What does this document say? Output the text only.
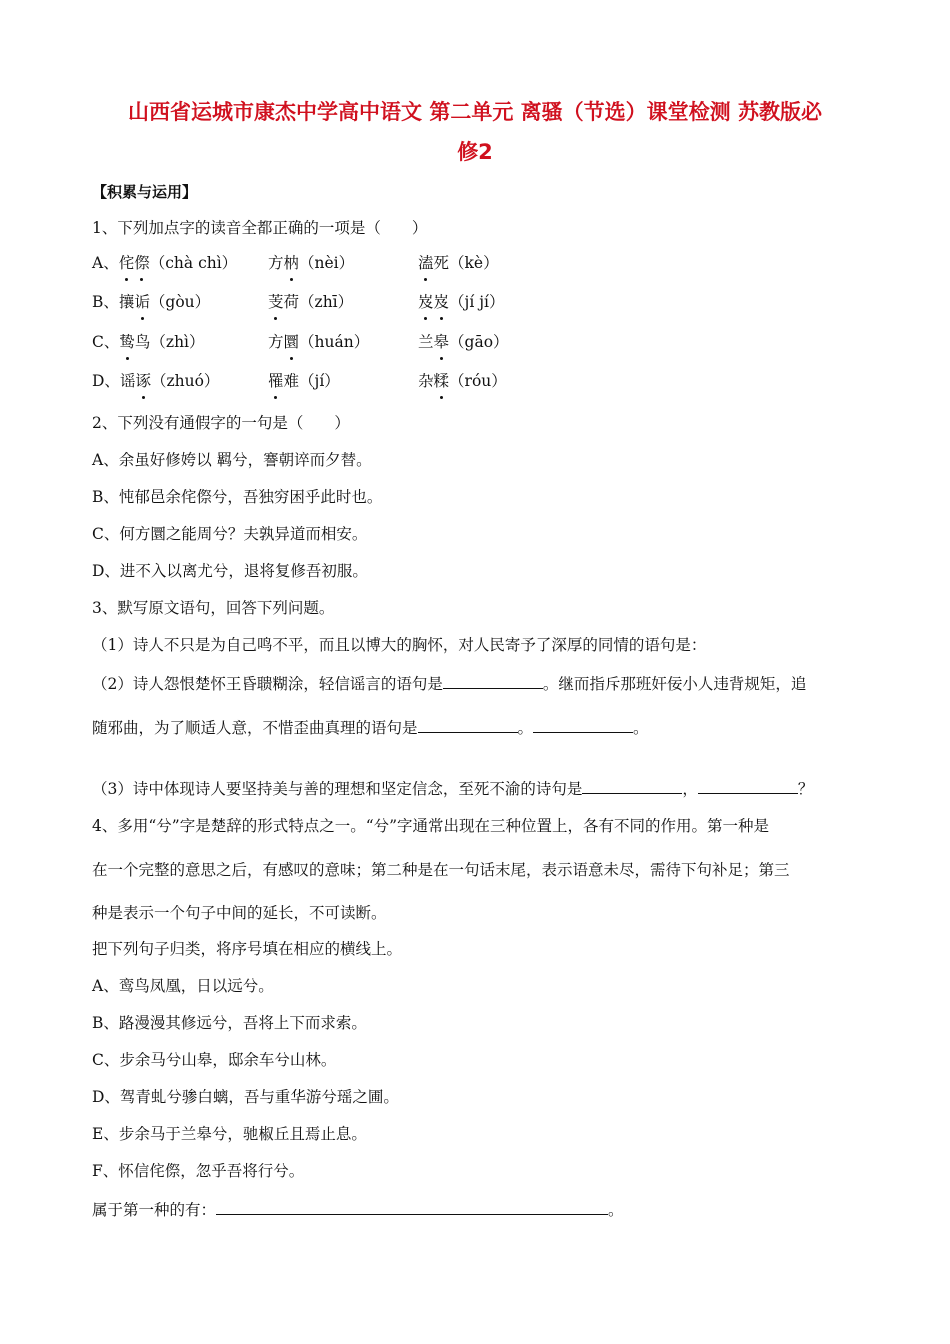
山西省运城市康杰中学高中语文 第二单元 离骚（节选）课堂检测 苏教版必
修2
【积累与运用】
1、下列加点字的读音全都正确的一项是（　　）
A、侘傺（chà chì） 方枘（nèi）	溘死（kè）
B、攘诟（gòu）	芰荷（zhī）	岌岌（jí jí）
C、鸷鸟（zhì）	方圜（huán）	兰皋（gāo）
D、谣诼（zhuó）	罹难（jí）	杂糅（róu）
2、下列没有通假字的一句是（　　）
A、余虽好修姱以 羁兮，謇朝谇而夕替。
B、忳郁邑余侘傺兮，吾独穷困乎此时也。
C、何方圜之能周兮？夫孰异道而相安。
D、进不入以离尤兮，退将复修吾初服。
3、默写原文语句，回答下列问题。
（1）诗人不只是为自己鸣不平，而且以博大的胸怀，对人民寄予了深厚的同情的语句是：
（2）诗人怨恨楚怀王昏聩糊涂，轻信谣言的语句是	。继而指斥那班奸佞小人违背规矩，追
随邪曲，为了顺适人意，不惜歪曲真理的语句是	。	。
（3）诗中体现诗人要坚持美与善的理想和坚定信念，至死不渝的诗句是	，	？
4、多用“兮”字是楚辞的形式特点之一。“兮”字通常出现在三种位置上，各有不同的作用。第一种是
在一个完整的意思之后，有感叹的意味；第二种是在一句话末尾，表示语意未尽，需待下句补足；第三
种是表示一个句子中间的延长，不可读断。
把下列句子归类，将序号填在相应的横线上。
A、鸾鸟凤凰，日以远兮。
B、路漫漫其修远兮，吾将上下而求索。
C、步余马兮山皋，邸余车兮山林。
D、驾青虬兮骖白螭，吾与重华游兮瑶之圃。
E、步余马于兰皋兮，驰椒丘且焉止息。
F、怀信侘傺，忽乎吾将行兮。
属于第一种的有：	。
